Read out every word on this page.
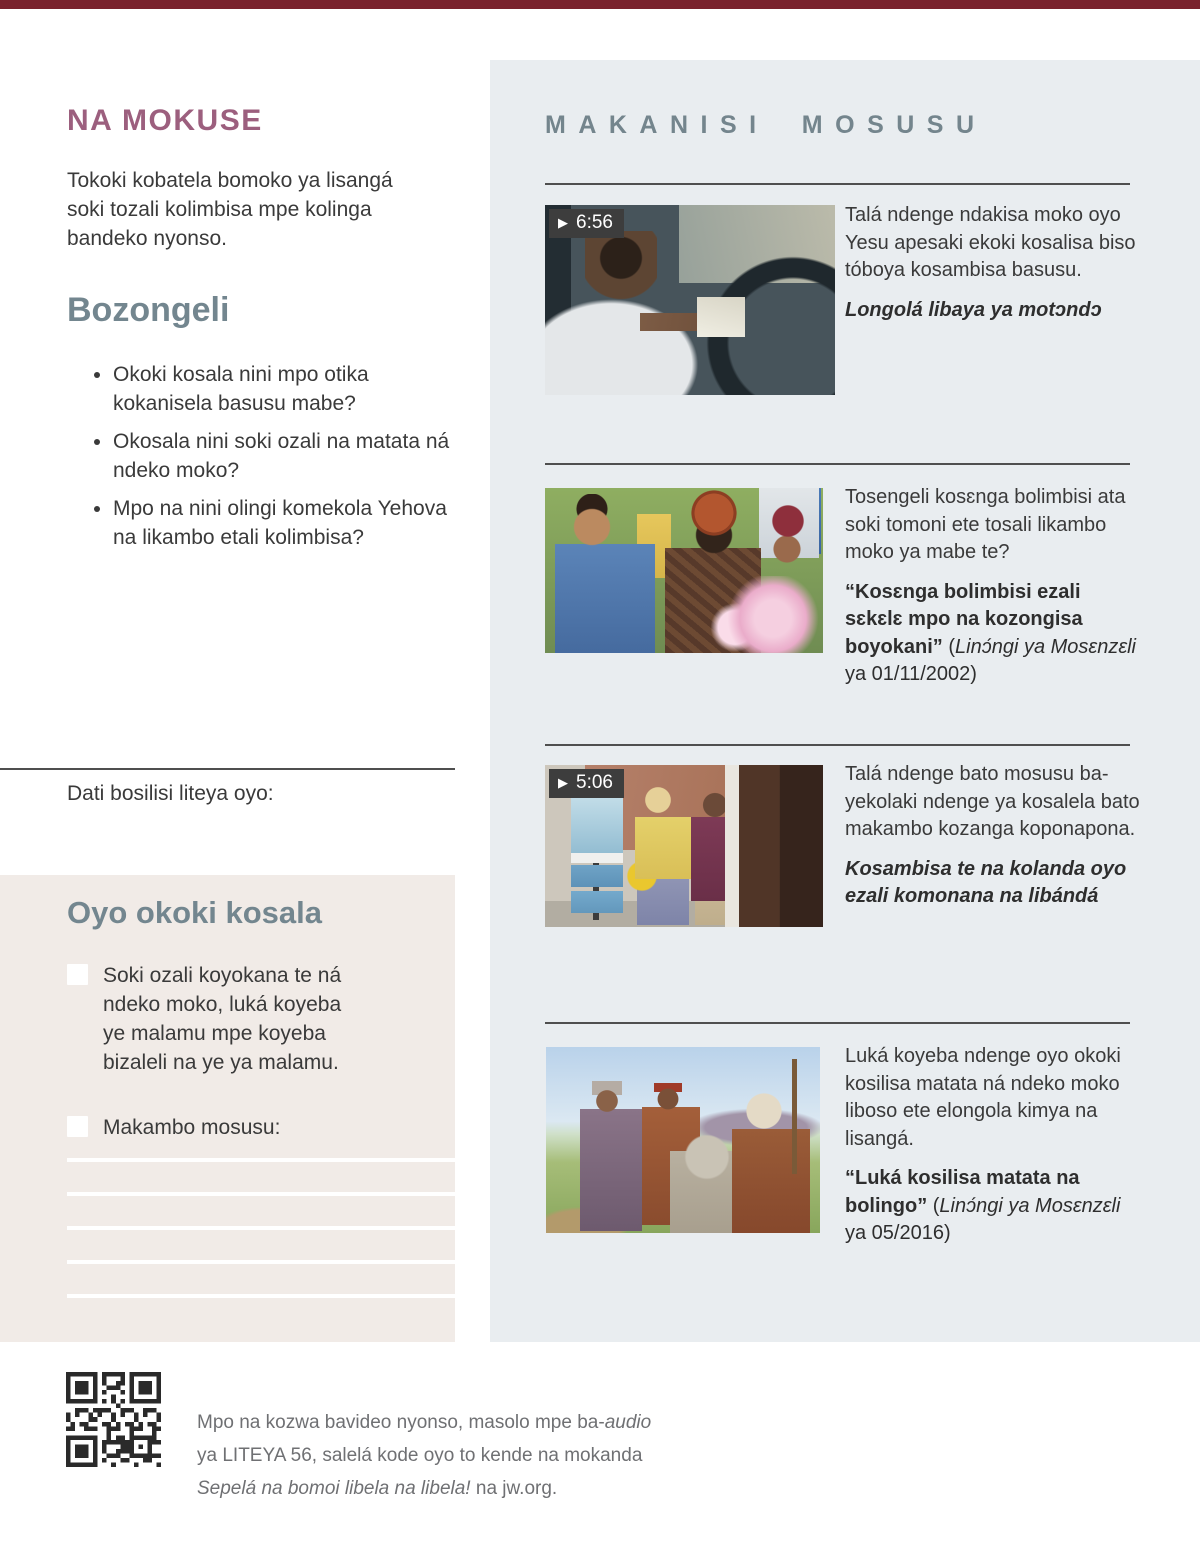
NA MOKUSE
Tokoki kobatela bomoko ya lisangá soki tozali kolimbisa mpe kolinga bandeko nyonso.
Bozongeli
• Okoki kosala nini mpo otika kokanisela basusu mabe?
• Okosala nini soki ozali na matata ná ndeko moko?
• Mpo na nini olingi komekola Yehova na likambo etali kolimbisa?
Dati bosilisi liteya oyo:
Oyo okoki kosala
Soki ozali koyokana te ná ndeko moko, luká koyeba ye malamu mpe koyeba bizaleli na ye ya malamu.
Makambo mosusu:
MAKANISI MOSUSU
▶ 6:56	Talá ndenge ndakisa moko oyo Yesu apesaki ekoki kosalisa biso tóboya kosambisa basusu.

Longolá libaya ya motɔndɔ

Tosengeli kosɛnga bolimbisi ata soki tomoni ete tosali likambo moko ya mabe te?

“Kosɛnga bolimbisi ezali sɛkɛlɛ mpo na kozongisa boyokani” (Linɔ́ngi ya Mosɛnzɛli ya 01/11/2002)

▶ 5:06	Talá ndenge bato mosusu bayekolaki ndenge ya kosalela bato makambo kozanga koponapona.

Kosambisa te na kolanda oyo ezali komonana na libándá

Luká koyeba ndenge oyo okoki kosilisa matata ná ndeko moko liboso ete elongola kimya na lisangá.

“Luká kosilisa matata na bolingo” (Linɔ́ngi ya Mosɛnzɛli ya 05/2016)

Mpo na kozwa bavideo nyonso, masolo mpe ba-audio
ya LITEYA 56, salelá kode oyo to kende na mokanda
Sepelá na bomoi libela na libela! na jw.org.
